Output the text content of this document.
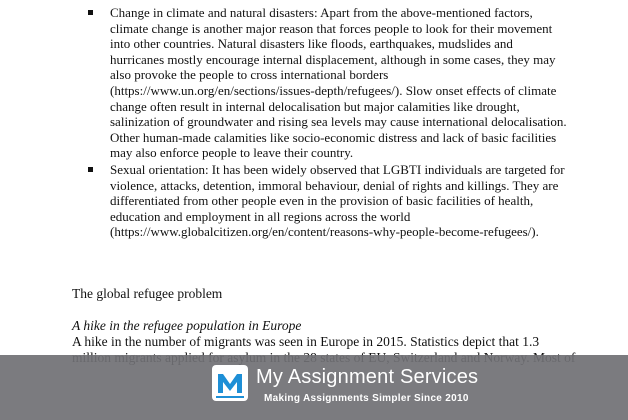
Change in climate and natural disasters: Apart from the above-mentioned factors, climate change is another major reason that forces people to look for their movement into other countries. Natural disasters like floods, earthquakes, mudslides and hurricanes mostly encourage internal displacement, although in some cases, they may also provoke the people to cross international borders (https://www.un.org/en/sections/issues-depth/refugees/). Slow onset effects of climate change often result in internal delocalisation but major calamities like drought, salinization of groundwater and rising sea levels may cause international delocalisation. Other human-made calamities like socio-economic distress and lack of basic facilities may also enforce people to leave their country.
Sexual orientation: It has been widely observed that LGBTI individuals are targeted for violence, attacks, detention, immoral behaviour, denial of rights and killings. They are differentiated from other people even in the provision of basic facilities of health, education and employment in all regions across the world (https://www.globalcitizen.org/en/content/reasons-why-people-become-refugees/).
The global refugee problem
A hike in the refugee population in Europe
A hike in the number of migrants was seen in Europe in 2015. Statistics depict that 1.3
My Assignment Services
Making Assignments Simpler Since 2010
